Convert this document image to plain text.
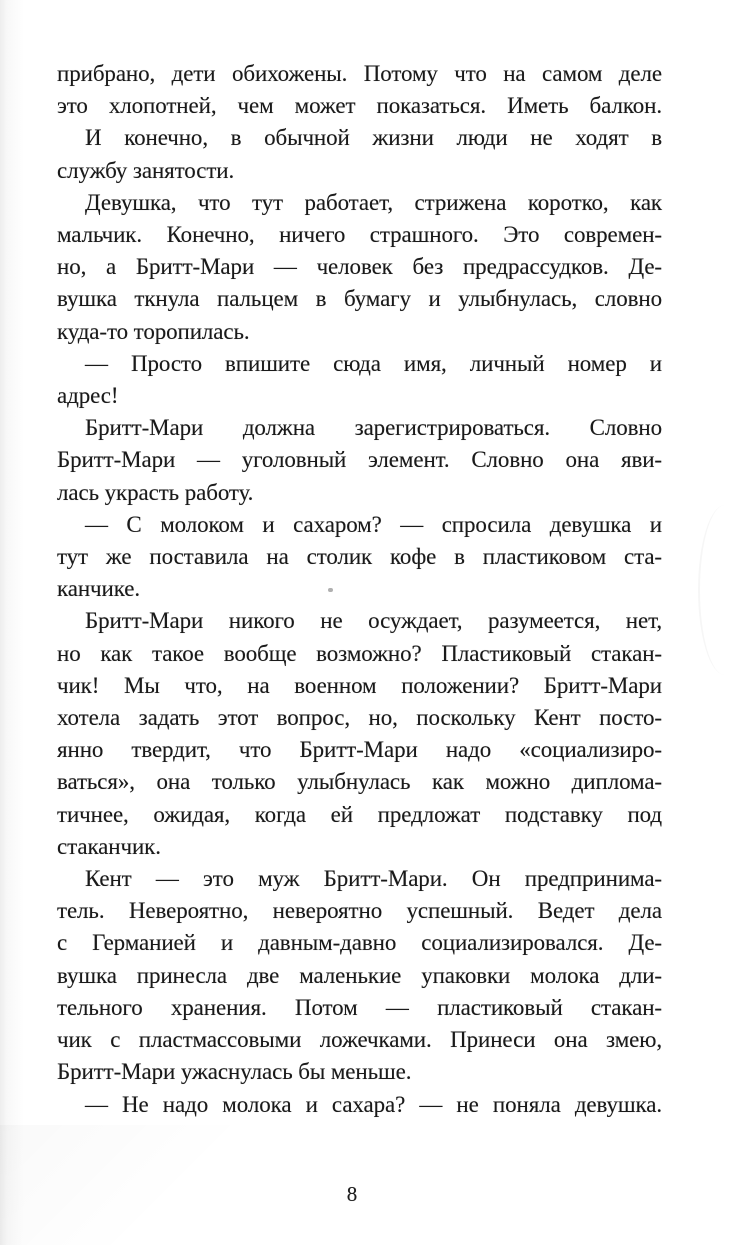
прибрано, дети обихожены. Потому что на самом деле
это хлопотней, чем может показаться. Иметь балкон.
И конечно, в обычной жизни люди не ходят в
службу занятости.
Девушка, что тут работает, стрижена коротко, как
мальчик. Конечно, ничего страшного. Это современ-
но, а Бритт-Мари — человек без предрассудков. Де-
вушка ткнула пальцем в бумагу и улыбнулась, словно
куда-то торопилась.
— Просто впишите сюда имя, личный номер и
адрес!
Бритт-Мари должна зарегистрироваться. Словно
Бритт-Мари — уголовный элемент. Словно она яви-
лась украсть работу.
— С молоком и сахаром? — спросила девушка и
тут же поставила на столик кофе в пластиковом ста-
канчике.
Бритт-Мари никого не осуждает, разумеется, нет,
но как такое вообще возможно? Пластиковый стакан-
чик! Мы что, на военном положении? Бритт-Мари
хотела задать этот вопрос, но, поскольку Кент посто-
янно твердит, что Бритт-Мари надо «социализиро-
ваться», она только улыбнулась как можно диплома-
тичнее, ожидая, когда ей предложат подставку под
стаканчик.
Кент — это муж Бритт-Мари. Он предпринима-
тель. Невероятно, невероятно успешный. Ведет дела
с Германией и давным-давно социализировался. Де-
вушка принесла две маленькие упаковки молока дли-
тельного хранения. Потом — пластиковый стакан-
чик с пластмассовыми ложечками. Принеси она змею,
Бритт-Мари ужаснулась бы меньше.
— Не надо молока и сахара? — не поняла девушка.
8
